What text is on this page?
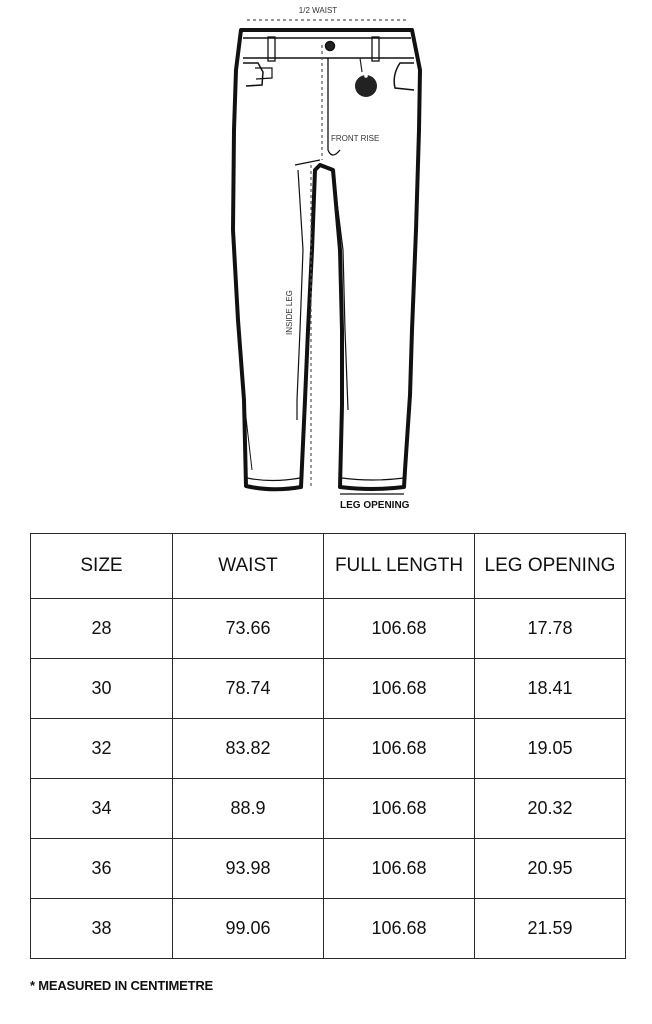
1/2 WAIST
FRONT RISE
INSIDE LEG
LEG OPENING
SIZE	WAIST	FULL LENGTH	LEG OPENING
28	73.66	106.68	17.78
30	78.74	106.68	18.41
32	83.82	106.68	19.05
34	88.9	106.68	20.32
36	93.98	106.68	20.95
38	99.06	106.68	21.59
* MEASURED IN CENTIMETRE
